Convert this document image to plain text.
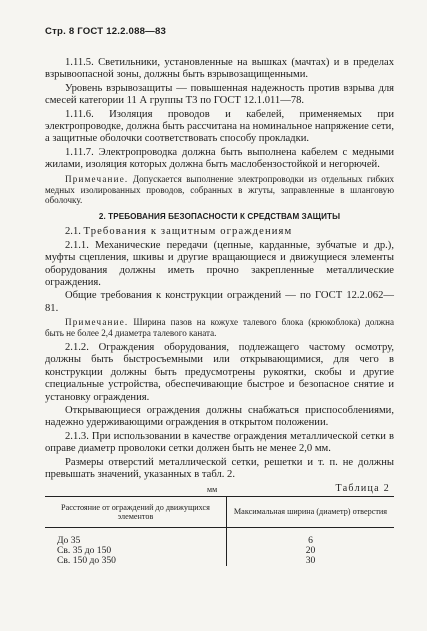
Стр. 8 ГОСТ 12.2.088—83

1.11.5. Светильники, установленные на вышках (мачтах) и в пределах взрывоопасной зоны, должны быть взрывозащищенными.

Уровень взрывозащиты — повышенная надежность против взрыва для смесей категории 11 А группы Т3 по ГОСТ 12.1.011—78.

1.11.6. Изоляция проводов и кабелей, применяемых при электропроводке, должна быть рассчитана на номинальное напряжение сети, а защитные оболочки соответствовать способу прокладки.

1.11.7. Электропроводка должна быть выполнена кабелем с медными жилами, изоляция которых должна быть маслобензостойкой и негорючей.

Примечание. Допускается выполнение электропроводки из отдельных гибких медных изолированных проводов, собранных в жгуты, заправленные в шланговую оболочку.

2. ТРЕБОВАНИЯ БЕЗОПАСНОСТИ К СРЕДСТВАМ ЗАЩИТЫ

2.1. Требования к защитным ограждениям

2.1.1. Механические передачи (цепные, карданные, зубчатые и др.), муфты сцепления, шкивы и другие вращающиеся и движущиеся элементы оборудования должны иметь прочно закрепленные металлические ограждения.

Общие требования к конструкции ограждений — по ГОСТ 12.2.062—81.

Примечание. Ширина пазов на кожухе талевого блока (крюкоблока) должна быть не более 2,4 диаметра талевого каната.

2.1.2. Ограждения оборудования, подлежащего частому осмотру, должны быть быстросъемными или открывающимися, для чего в конструкции должны быть предусмотрены рукоятки, скобы и другие специальные устройства, обеспечивающие быстрое и безопасное снятие и установку ограждения.

Открывающиеся ограждения должны снабжаться приспособлениями, надежно удерживающими ограждения в открытом положении.

2.1.3. При использовании в качестве ограждения металлической сетки в оправе диаметр проволоки сетки должен быть не менее 2,0 мм.

Размеры отверстий металлической сетки, решетки и т. п. не должны превышать значений, указанных в табл. 2.

мм	Таблица 2
Расстояние от ограждений до движущихся элементов	Максимальная ширина (диаметр) отверстия
До 35	6
Св. 35 до 150	20
Св. 150 до 350	30
